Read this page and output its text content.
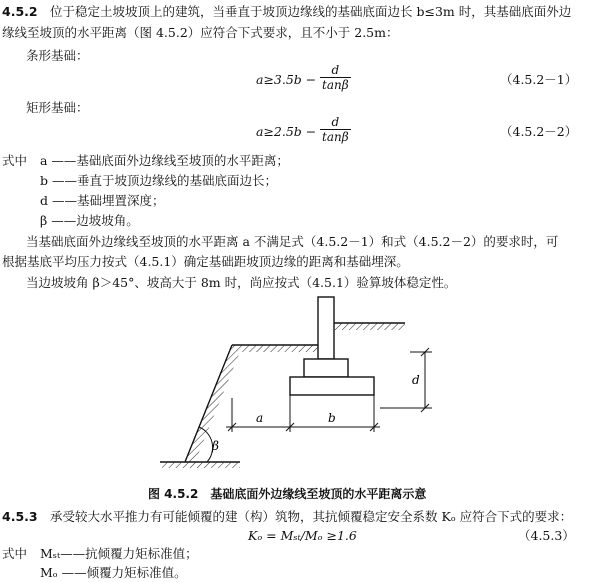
4.5.2 位于稳定土坡坡顶上的建筑，当垂直于坡顶边缘线的基础底面边长 b≤3m 时，其基础底面外边
缘线至坡顶的水平距离（图 4.5.2）应符合下式要求，且不小于 2.5m：
条形基础：
$a\ge 3.5b - \frac{d}{\tan\beta}$	（4.5.2－1）
矩形基础：
$a\ge 2.5b - \frac{d}{\tan\beta}$	（4.5.2－2）
式中 a ——基础底面外边缘线至坡顶的水平距离；
b ——垂直于坡顶边缘线的基础底面边长；
d ——基础埋置深度；
β ——边坡坡角。
当基础底面外边缘线至坡顶的水平距离 a 不满足式（4.5.2－1）和式（4.5.2－2）的要求时，可
根据基底平均压力按式（4.5.1）确定基础距坡顶边缘的距离和基础埋深。
当边坡坡角 β＞45°、坡高大于 8m 时，尚应按式（4.5.1）验算坡体稳定性。
β
d
a	b
图 4.5.2　基础底面外边缘线至坡顶的水平距离示意
4.5.3 承受较大水平推力有可能倾覆的建（构）筑物，其抗倾覆稳定安全系数 Kₒ 应符合下式的要求：
Kₒ = Mₛₜ/Mₒ ≥1.6	（4.5.3）
式中 Mₛₜ——抗倾覆力矩标准值；
Mₒ ——倾覆力矩标准值。
